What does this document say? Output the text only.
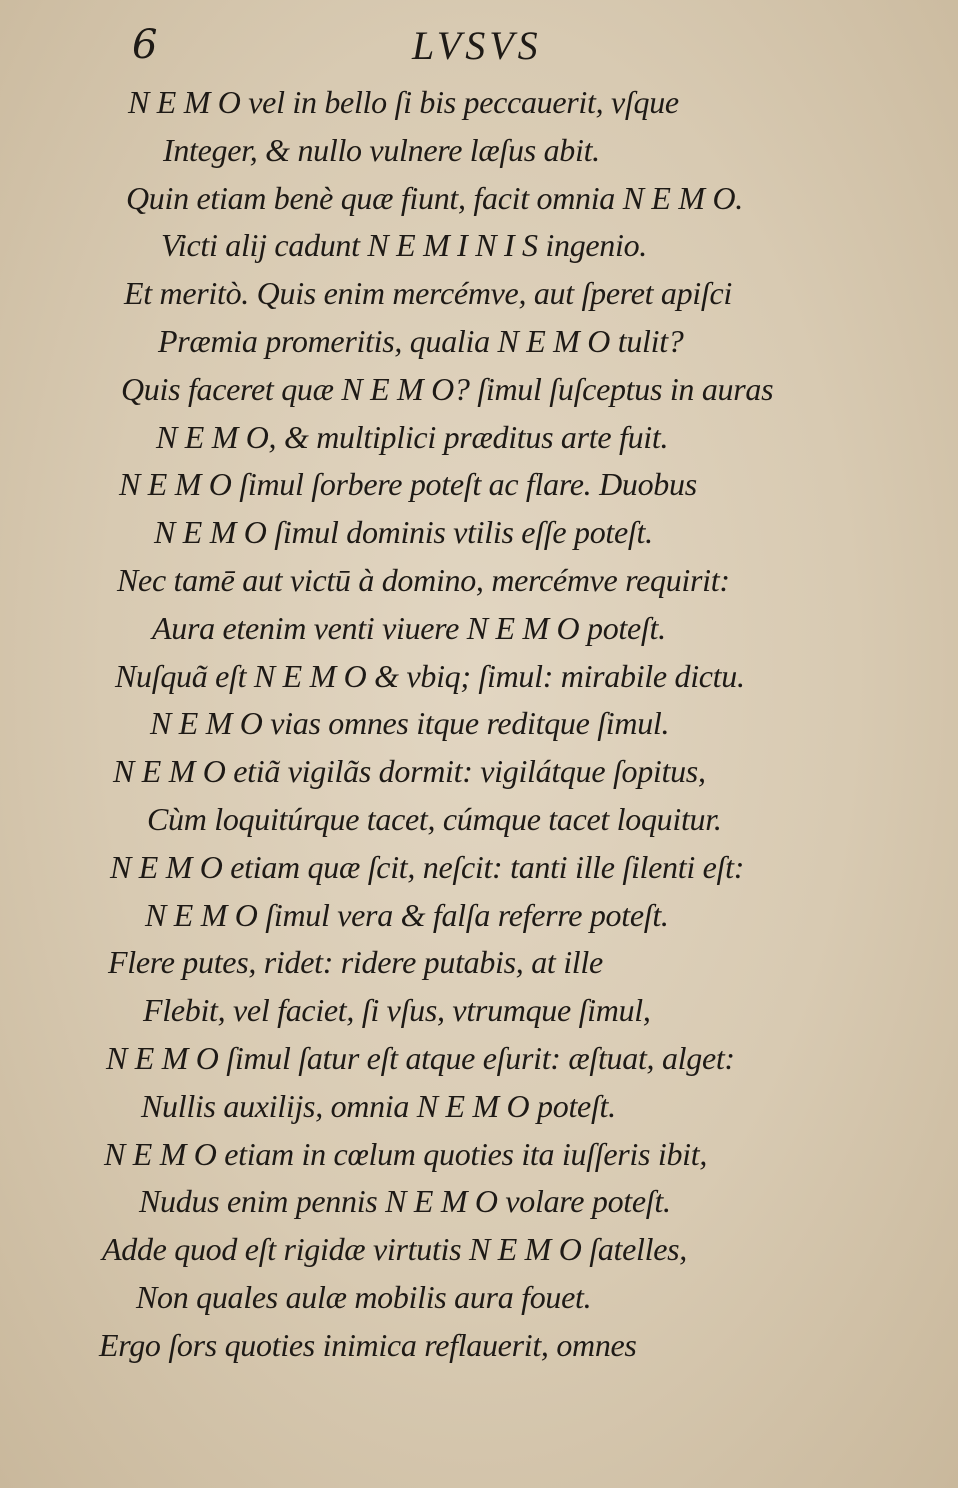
6	LVSVS
N E M O vel in bello ſi bis peccauerit, vſque
Integer, & nullo vulnere læſus abit.
Quin etiam benè quæ fiunt, facit omnia N E M O.
Victi alij cadunt N E M I N I S ingenio.
Et meritò. Quis enim mercémve, aut ſperet apiſci
Præmia promeritis, qualia N E M O tulit?
Quis faceret quæ N E M O? ſimul ſuſceptus in auras
N E M O, & multiplici præditus arte fuit.
N E M O ſimul ſorbere poteſt ac flare. Duobus
N E M O ſimul dominis vtilis eſſe poteſt.
Nec tamē aut victū à domino, mercémve requirit:
Aura etenim venti viuere N E M O poteſt.
Nuſquã eſt N E M O & vbiq; ſimul: mirabile dictu.
N E M O vias omnes itque reditque ſimul.
N E M O etiã vigilãs dormit: vigilátque ſopitus,
Cùm loquitúrque tacet, cúmque tacet loquitur.
N E M O etiam quæ ſcit, neſcit: tanti ille ſilenti eſt:
N E M O ſimul vera & falſa referre poteſt.
Flere putes, ridet: ridere putabis, at ille
Flebit, vel faciet, ſi vſus, vtrumque ſimul,
N E M O ſimul ſatur eſt atque eſurit: æſtuat, alget:
Nullis auxilijs, omnia N E M O poteſt.
N E M O etiam in cœlum quoties ita iuſſeris ibit,
Nudus enim pennis N E M O volare poteſt.
Adde quod eſt rigidæ virtutis N E M O ſatelles,
Non quales aulæ mobilis aura fouet.
Ergo ſors quoties inimica reflauerit, omnes
